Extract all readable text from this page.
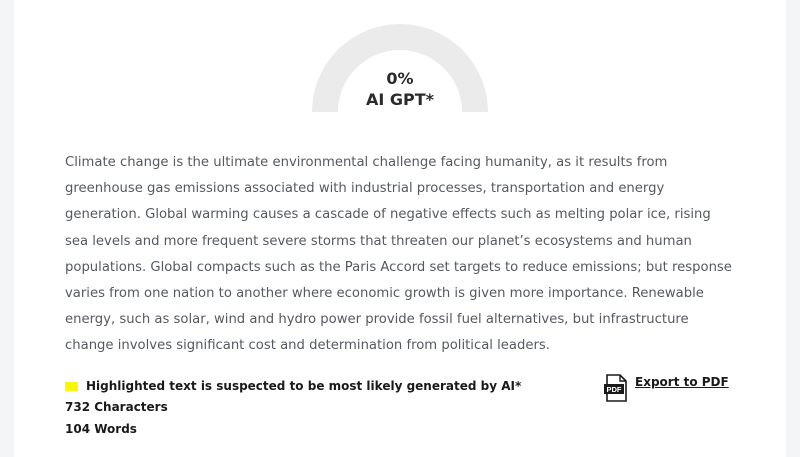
0%
AI GPT*
Climate change is the ultimate environmental challenge facing humanity, as it results from greenhouse gas emissions associated with industrial processes, transportation and energy generation. Global warming causes a cascade of negative effects such as melting polar ice, rising sea levels and more frequent severe storms that threaten our planet’s ecosystems and human populations. Global compacts such as the Paris Accord set targets to reduce emissions; but response varies from one nation to another where economic growth is given more importance. Renewable energy, such as solar, wind and hydro power provide fossil fuel alternatives, but infrastructure change involves significant cost and determination from political leaders.
Highlighted text is suspected to be most likely generated by AI*
732 Characters
104 Words
PDF
Export to PDF
